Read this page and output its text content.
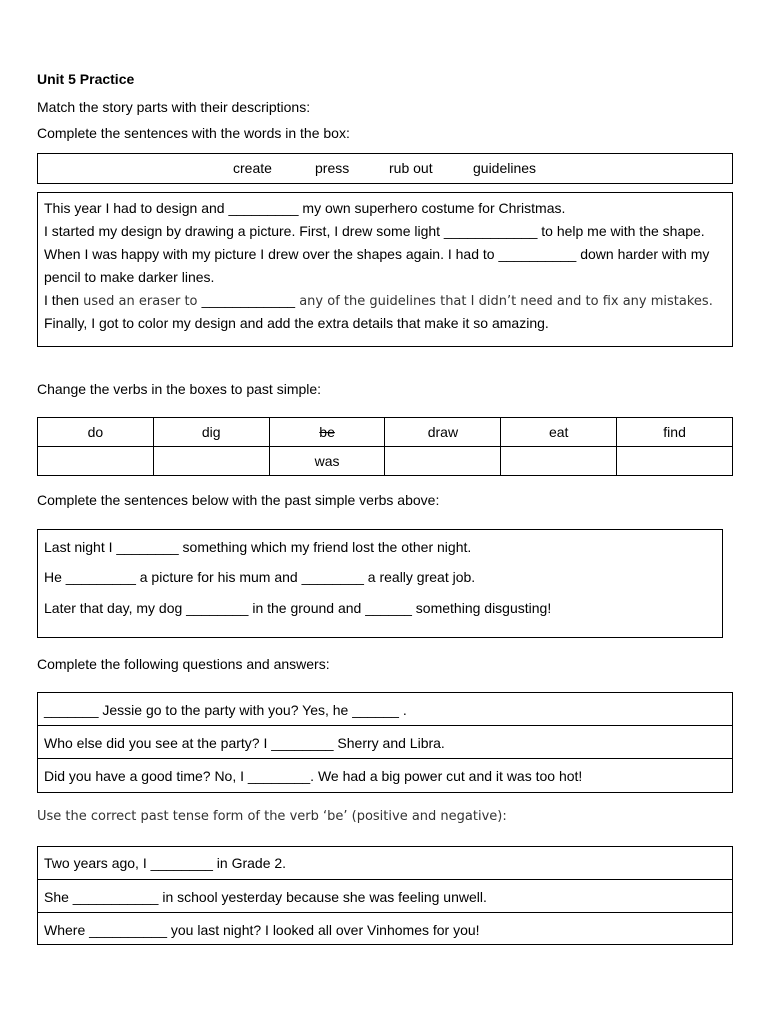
Unit 5 Practice
Match the story parts with their descriptions:
Complete the sentences with the words in the box:
create	press	rub out	guidelines
This year I had to design and _________ my own superhero costume for Christmas.
I started my design by drawing a picture. First, I drew some light ____________ to help me with the shape.
When I was happy with my picture I drew over the shapes again. I had to __________ down harder with my
pencil to make darker lines.
I then used an eraser to ____________ any of the guidelines that I didn’t need and to fix any mistakes.
Finally, I got to color my design and add the extra details that make it so amazing.
Change the verbs in the boxes to past simple:
do	dig	be	draw	eat	find
		was			
Complete the sentences below with the past simple verbs above:
Last night I ________ something which my friend lost the other night.
He _________ a picture for his mum and ________ a really great job.
Later that day, my dog ________ in the ground and ______ something disgusting!
Complete the following questions and answers:
_______ Jessie go to the party with you? Yes, he ______ .
Who else did you see at the party? I ________ Sherry and Libra.
Did you have a good time? No, I ________. We had a big power cut and it was too hot!
Use the correct past tense form of the verb ‘be’ (positive and negative):
Two years ago, I ________ in Grade 2.
She ___________ in school yesterday because she was feeling unwell.
Where __________ you last night? I looked all over Vinhomes for you!
